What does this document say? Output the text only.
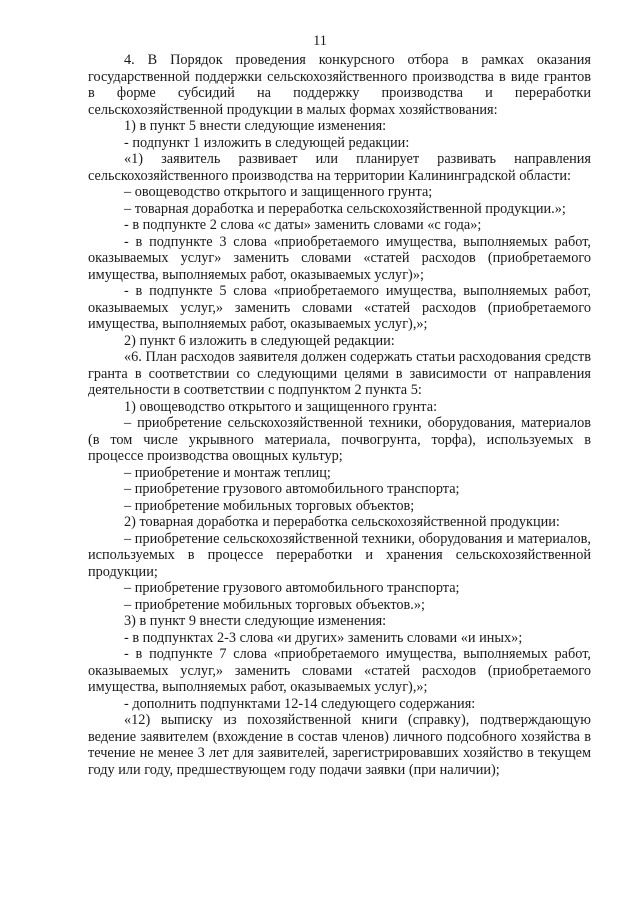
11

4. В Порядок проведения конкурсного отбора в рамках оказания государственной поддержки сельскохозяйственного производства в виде грантов в форме субсидий на поддержку производства и переработки сельскохозяйственной продукции в малых формах хозяйствования:

1) в пункт 5 внести следующие изменения:

- подпункт 1 изложить в следующей редакции:

«1) заявитель развивает или планирует развивать направления сельскохозяйственного производства на территории Калининградской области:

– овощеводство открытого и защищенного грунта;

– товарная доработка и переработка сельскохозяйственной продукции.»;

- в подпункте 2 слова «с даты» заменить словами «с года»;

- в подпункте 3 слова «приобретаемого имущества, выполняемых работ, оказываемых услуг» заменить словами «статей расходов (приобретаемого имущества, выполняемых работ, оказываемых услуг)»;

- в подпункте 5 слова «приобретаемого имущества, выполняемых работ, оказываемых услуг,» заменить словами «статей расходов (приобретаемого имущества, выполняемых работ, оказываемых услуг),»;

2) пункт 6 изложить в следующей редакции:

«6. План расходов заявителя должен содержать статьи расходования средств гранта в соответствии со следующими целями в зависимости от направления деятельности в соответствии с подпунктом 2 пункта 5:

1) овощеводство открытого и защищенного грунта:

– приобретение сельскохозяйственной техники, оборудования, материалов (в том числе укрывного материала, почвогрунта, торфа), используемых в процессе производства овощных культур;

– приобретение и монтаж теплиц;

– приобретение грузового автомобильного транспорта;

– приобретение мобильных торговых объектов;

2) товарная доработка и переработка сельскохозяйственной продукции:

– приобретение сельскохозяйственной техники, оборудования и материалов, используемых в процессе переработки и хранения сельскохозяйственной продукции;

– приобретение грузового автомобильного транспорта;

– приобретение мобильных торговых объектов.»;

3) в пункт 9 внести следующие изменения:

- в подпунктах 2-3 слова «и других» заменить словами «и иных»;

- в подпункте 7 слова «приобретаемого имущества, выполняемых работ, оказываемых услуг,» заменить словами «статей расходов (приобретаемого имущества, выполняемых работ, оказываемых услуг),»;

- дополнить подпунктами 12-14 следующего содержания:

«12) выписку из похозяйственной книги (справку), подтверждающую ведение заявителем (вхождение в состав членов) личного подсобного хозяйства в течение не менее 3 лет для заявителей, зарегистрировавших хозяйство в текущем году или году, предшествующем году подачи заявки (при наличии);
